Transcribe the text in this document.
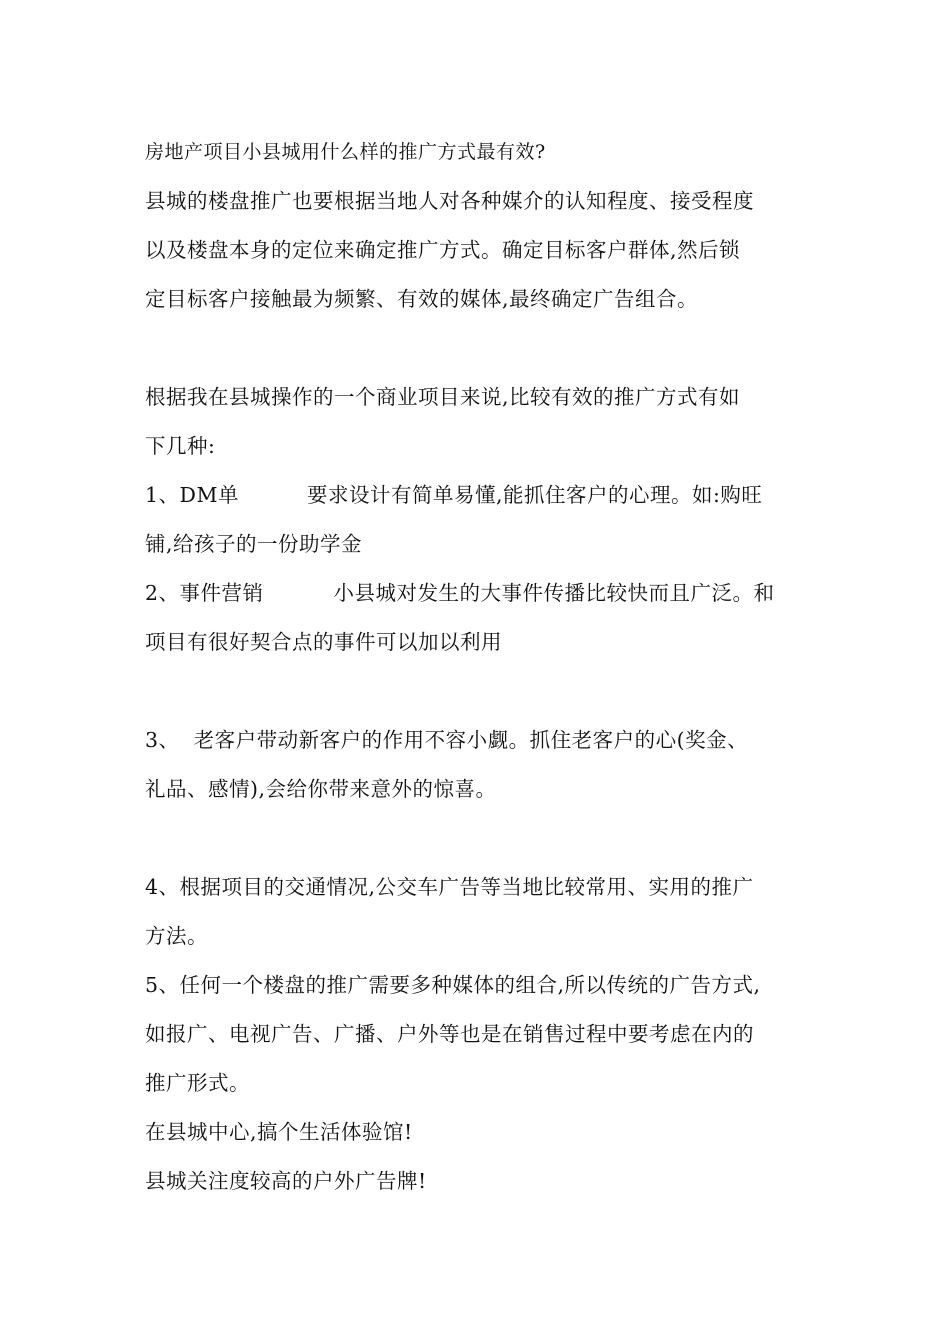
房地产项目小县城用什么样的推广方式最有效?
县城的楼盘推广也要根据当地人对各种媒介的认知程度、接受程度
以及楼盘本身的定位来确定推广方式。确定目标客户群体,然后锁
定目标客户接触最为频繁、有效的媒体,最终确定广告组合。
根据我在县城操作的一个商业项目来说,比较有效的推广方式有如
下几种:
1、DM单	要求设计有简单易懂,能抓住客户的心理。如:购旺
铺,给孩子的一份助学金
2、事件营销	小县城对发生的大事件传播比较快而且广泛。和
项目有很好契合点的事件可以加以利用
3、  老客户带动新客户的作用不容小觑。抓住老客户的心(奖金、
礼品、感情),会给你带来意外的惊喜。
4、根据项目的交通情况,公交车广告等当地比较常用、实用的推广
方法。
5、任何一个楼盘的推广需要多种媒体的组合,所以传统的广告方式,
如报广、电视广告、广播、户外等也是在销售过程中要考虑在内的
推广形式。
在县城中心,搞个生活体验馆!
县城关注度较高的户外广告牌!
